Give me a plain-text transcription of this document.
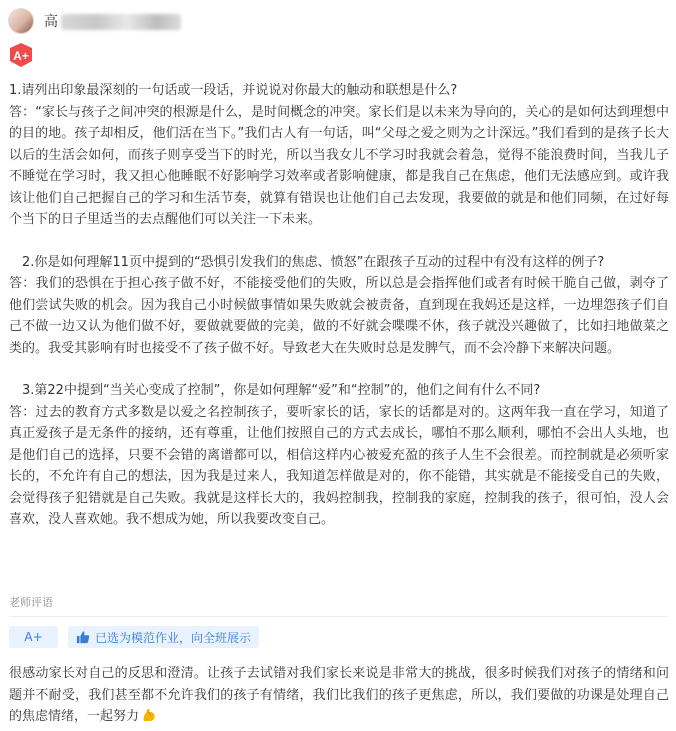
高
A+

1.请列出印象最深刻的一句话或一段话，并说说对你最大的触动和联想是什么?

答：“家长与孩子之间冲突的根源是什么，是时间概念的冲突。家长们是以未来为导向的，关心的是如何达到理想中的目的地。孩子却相反，他们活在当下。”我们古人有一句话，叫“父母之爱之则为之计深远。”我们看到的是孩子长大以后的生活会如何，而孩子则享受当下的时光，所以当我女儿不学习时我就会着急，觉得不能浪费时间，当我儿子不睡觉在学习时，我又担心他睡眠不好影响学习效率或者影响健康，都是我自己在焦虑，他们无法感应到。或许我该让他们自己把握自己的学习和生活节奏，就算有错误也让他们自己去发现，我要做的就是和他们同频，在过好每个当下的日子里适当的去点醒他们可以关注一下未来。

2.你是如何理解11页中提到的“恐惧引发我们的焦虑、愤怒”在跟孩子互动的过程中有没有这样的例子?

答：我们的恐惧在于担心孩子做不好，不能接受他们的失败，所以总是会指挥他们或者有时候干脆自己做，剥夺了他们尝试失败的机会。因为我自己小时候做事情如果失败就会被责备，直到现在我妈还是这样，一边埋怨孩子们自己不做一边又认为他们做不好，要做就要做的完美，做的不好就会喋喋不休，孩子就没兴趣做了，比如扫地做菜之类的。我受其影响有时也接受不了孩子做不好。导致老大在失败时总是发脾气，而不会冷静下来解决问题。

3.第22中提到“当关心变成了控制”，你是如何理解“爱”和“控制”的，他们之间有什么不同?

答：过去的教育方式多数是以爱之名控制孩子，要听家长的话，家长的话都是对的。这两年我一直在学习，知道了真正爱孩子是无条件的接纳，还有尊重，让他们按照自己的方式去成长，哪怕不那么顺利，哪怕不会出人头地，也是他们自己的选择，只要不会错的离谱都可以，相信这样内心被爱充盈的孩子人生不会很差。而控制就是必须听家长的，不允许有自己的想法，因为我是过来人，我知道怎样做是对的，你不能错，其实就是不能接受自己的失败，会觉得孩子犯错就是自己失败。我就是这样长大的，我妈控制我，控制我的家庭，控制我的孩子，很可怕，没人会喜欢，没人喜欢她。我不想成为她，所以我要改变自己。

老师评语
A+	已选为模范作业，向全班展示
很感动家长对自己的反思和澄清。让孩子去试错对我们家长来说是非常大的挑战，很多时候我们对孩子的情绪和问题并不耐受，我们甚至都不允许我们的孩子有情绪，我们比我们的孩子更焦虑，所以，我们要做的功课是处理自己的焦虑情绪，一起努力
